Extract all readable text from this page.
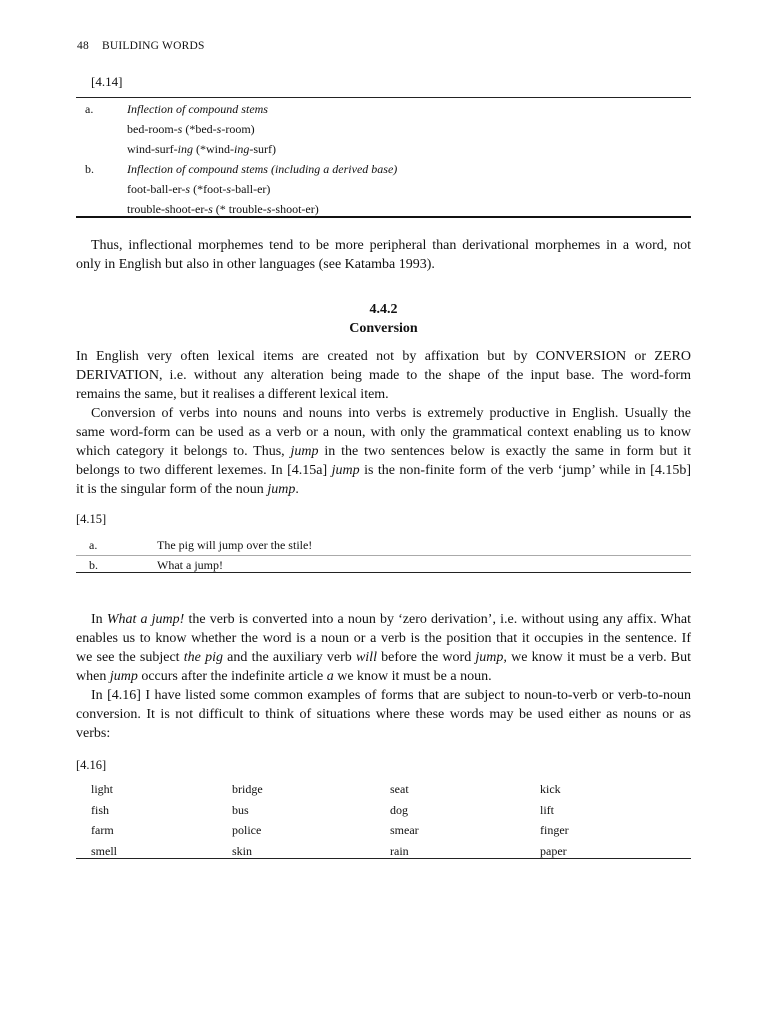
48 BUILDING WORDS
[4.14]
a.	Inflection of compound stems
bed-room-s (*bed-s-room)
wind-surf-ing (*wind-ing-surf)
b.	Inflection of compound stems (including a derived base)
foot-ball-er-s (*foot-s-ball-er)
trouble-shoot-er-s (* trouble-s-shoot-er)

Thus, inflectional morphemes tend to be more peripheral than derivational morphemes in a word, not
only in English but also in other languages (see Katamba 1993).

4.4.2
Conversion

In English very often lexical items are created not by affixation but by CONVERSION or ZERO
DERIVATION, i.e. without any alteration being made to the shape of the input base. The word-form
remains the same, but it realises a different lexical item.

Conversion of verbs into nouns and nouns into verbs is extremely productive in English. Usually the
same word-form can be used as a verb or a noun, with only the grammatical context enabling us to know
which category it belongs to. Thus, jump in the two sentences below is exactly the same in form but it
belongs to two different lexemes. In [4.15a] jump is the non-finite form of the verb ‘jump’ while in [4.15b]
it is the singular form of the noun jump.

[4.15]
a.	The pig will jump over the stile!
b.	What a jump!

In What a jump! the verb is converted into a noun by ‘zero derivation’, i.e. without using any affix. What
enables us to know whether the word is a noun or a verb is the position that it occupies in the sentence. If
we see the subject the pig and the auxiliary verb will before the word jump, we know it must be a verb. But
when jump occurs after the indefinite article a we know it must be a noun.

In [4.16] I have listed some common examples of forms that are subject to noun-to-verb or verb-to-noun
conversion. It is not difficult to think of situations where these words may be used either as nouns or as
verbs:

[4.16]
light	bridge	seat	kick
fish	bus	dog	lift
farm	police	smear	finger
smell	skin	rain	paper
